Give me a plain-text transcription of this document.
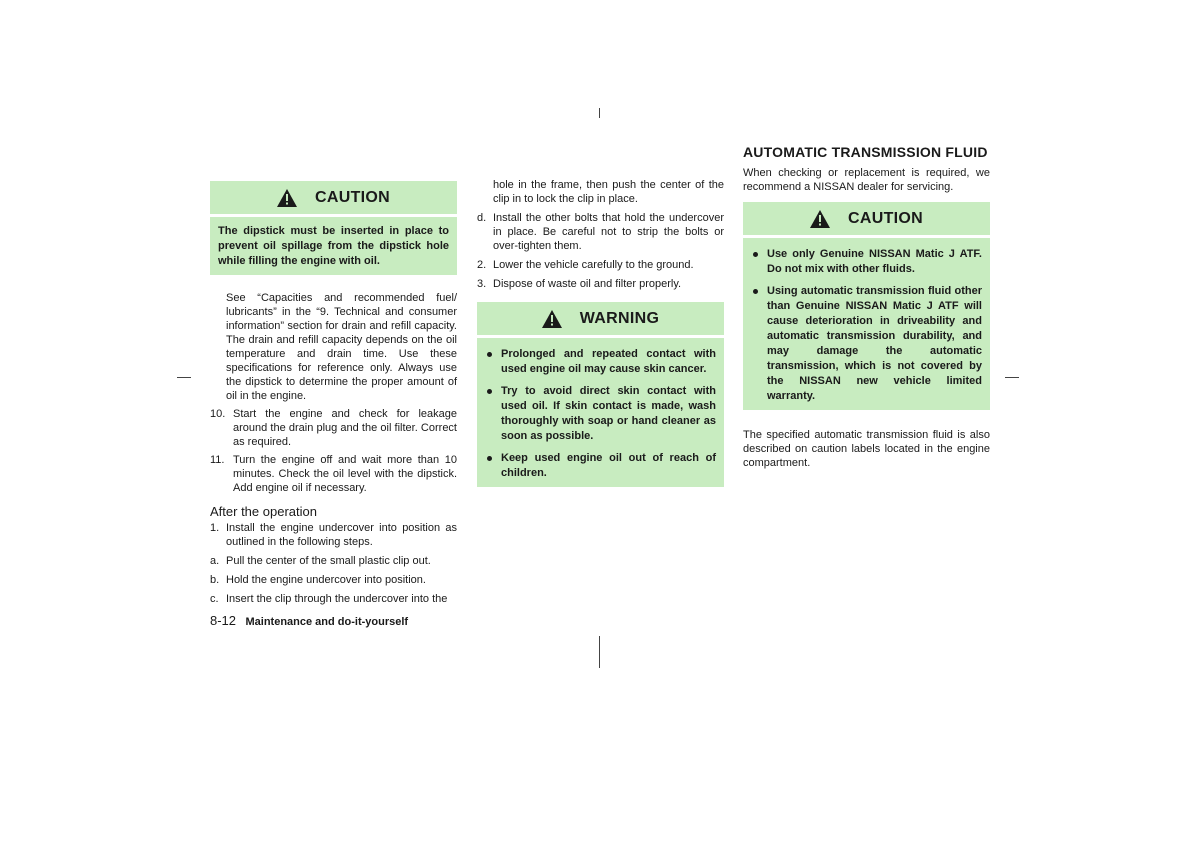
CAUTION

The dipstick must be inserted in place to prevent oil spillage from the dipstick hole while filling the engine with oil.

See “Capacities and recommended fuel/ lubricants” in the “9. Technical and consumer information” section for drain and refill capacity. The drain and refill capacity depends on the oil temperature and drain time. Use these specifications for reference only. Always use the dipstick to determine the proper amount of oil in the engine.

10. Start the engine and check for leakage around the drain plug and the oil filter. Correct as required.
11. Turn the engine off and wait more than 10 minutes. Check the oil level with the dipstick. Add engine oil if necessary.
After the operation
1. Install the engine undercover into position as outlined in the following steps.
a. Pull the center of the small plastic clip out.
b. Hold the engine undercover into position.
c. Insert the clip through the undercover into the
8-12 Maintenance and do-it-yourself

hole in the frame, then push the center of the clip in to lock the clip in place.

d. Install the other bolts that hold the undercover in place. Be careful not to strip the bolts or over-tighten them.
2. Lower the vehicle carefully to the ground.
3. Dispose of waste oil and filter properly.
WARNING
Prolonged and repeated contact with used engine oil may cause skin cancer.
Try to avoid direct skin contact with used oil. If skin contact is made, wash thoroughly with soap or hand cleaner as soon as possible.
Keep used engine oil out of reach of children.
AUTOMATIC TRANSMISSION FLUID

When checking or replacement is required, we recommend a NISSAN dealer for servicing.

CAUTION
Use only Genuine NISSAN Matic J ATF. Do not mix with other fluids.
Using automatic transmission fluid other than Genuine NISSAN Matic J ATF will cause deterioration in driveability and automatic transmission durability, and may damage the automatic transmission, which is not covered by the NISSAN new vehicle limited warranty.

The specified automatic transmission fluid is also described on caution labels located in the engine compartment.
